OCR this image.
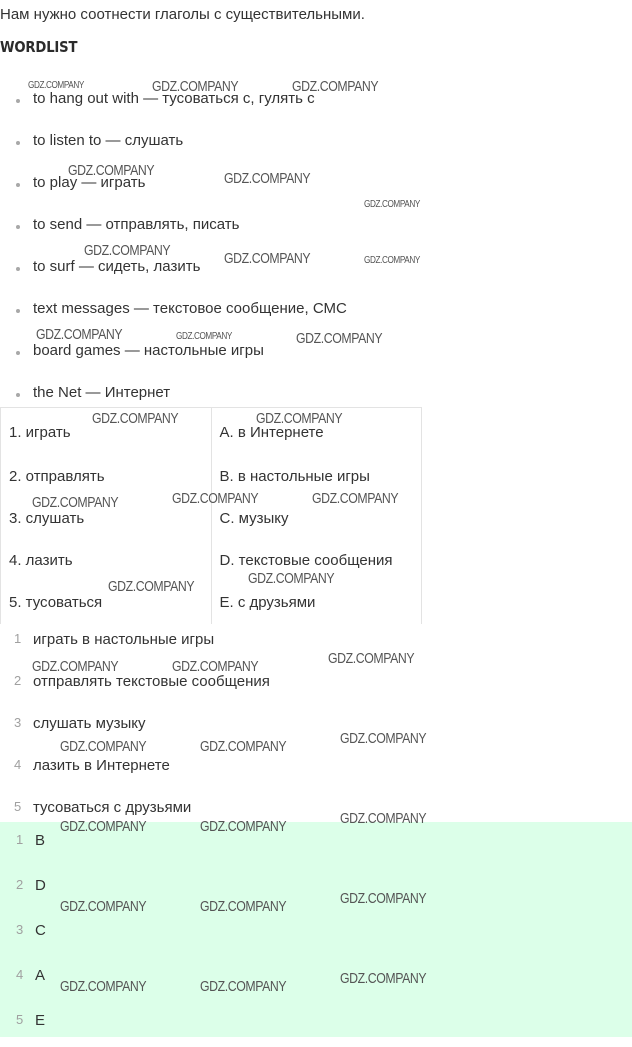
Нам нужно соотнести глаголы с существительными.
WORDLIST
to hang out with — тусоваться с, гулять с
to listen to — слушать
to play — играть
to send — отправлять, писать
to surf — сидеть, лазить
text messages — текстовое сообщение, СМС
board games — настольные игры
the Net — Интернет
1. играть	A. в Интернете
2. отправлять	B. в настольные игры
3. слушать	C. музыку
4. лазить	D. текстовые сообщения
5. тусоваться	E. с друзьями
1 играть в настольные игры
2 отправлять текстовые сообщения
3 слушать музыку
4 лазить в Интернете
5 тусоваться с друзьями
1 B
2 D
3 C
4 A
5 E
GDZ.COMPANY	GDZ.COMPANY	GDZ.COMPANY
GDZ.COMPANY	GDZ.COMPANY
GDZ.COMPANY
GDZ.COMPANY	GDZ.COMPANY	GDZ.COMPANY
GDZ.COMPANY	GDZ.COMPANY	GDZ.COMPANY
GDZ.COMPANY	GDZ.COMPANY
GDZ.COMPANY	GDZ.COMPANY	GDZ.COMPANY
GDZ.COMPANY	GDZ.COMPANY
GDZ.COMPANY
GDZ.COMPANY	GDZ.COMPANY
GDZ.COMPANY	GDZ.COMPANY	GDZ.COMPANY
GDZ.COMPANY	GDZ.COMPANY	GDZ.COMPANY
GDZ.COMPANY	GDZ.COMPANY	GDZ.COMPANY
GDZ.COMPANY	GDZ.COMPANY	GDZ.COMPANY
